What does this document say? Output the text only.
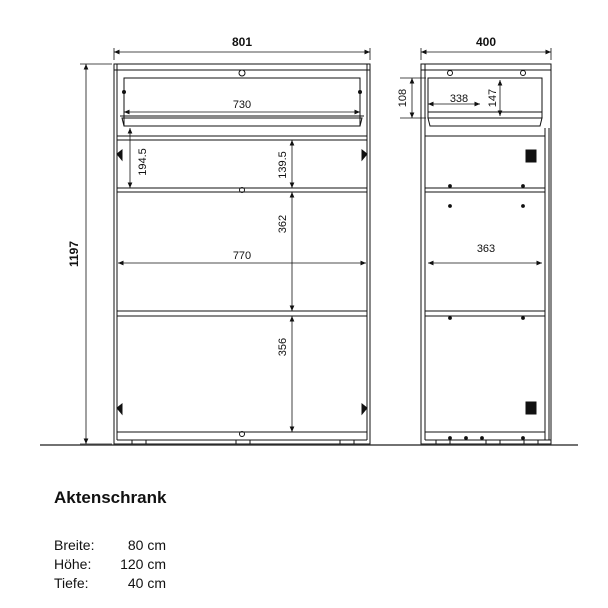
801	400
1197
730
770
194.5	139.5
362
356
108	338 147
363
Aktenschrank
Breite:	80 cm
Höhe:	120 cm
Tiefe:	40 cm
